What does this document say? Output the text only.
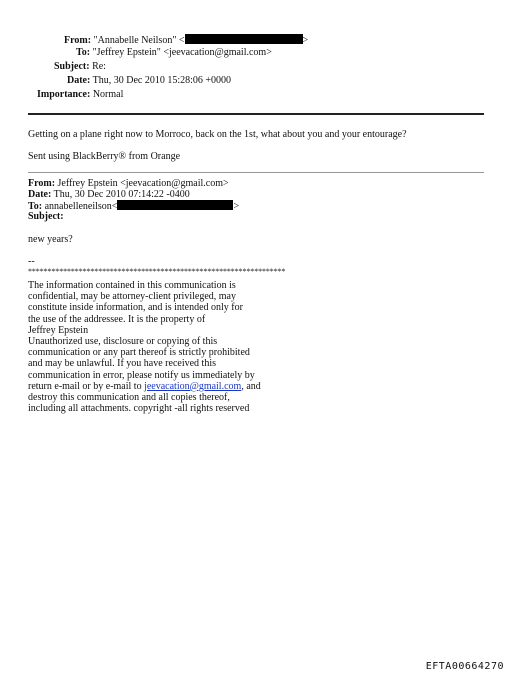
From: "Annabelle Neilson" <	>
To: "Jeffrey Epstein" <jeevacation@gmail.com>
Subject: Re:
Date: Thu, 30 Dec 2010 15:28:06 +0000
Importance: Normal
Getting on a plane right now to Morroco, back on the 1st, what about you and your entourage?
Sent using BlackBerry® from Orange
From: Jeffrey Epstein <jeevacation@gmail.com>
Date: Thu, 30 Dec 2010 07:14:22 -0400
To: annabelleneilson<	>
Subject:
new years?
--
******************************************************************
The information contained in this communication is
confidential, may be attorney-client privileged, may
constitute inside information, and is intended only for
the use of the addressee. It is the property of
Jeffrey Epstein
Unauthorized use, disclosure or copying of this
communication or any part thereof is strictly prohibited
and may be unlawful. If you have received this
communication in error, please notify us immediately by
return e-mail or by e-mail to jeevacation@gmail.com, and
destroy this communication and all copies thereof,
including all attachments. copyright -all rights reserved
EFTA00664270
